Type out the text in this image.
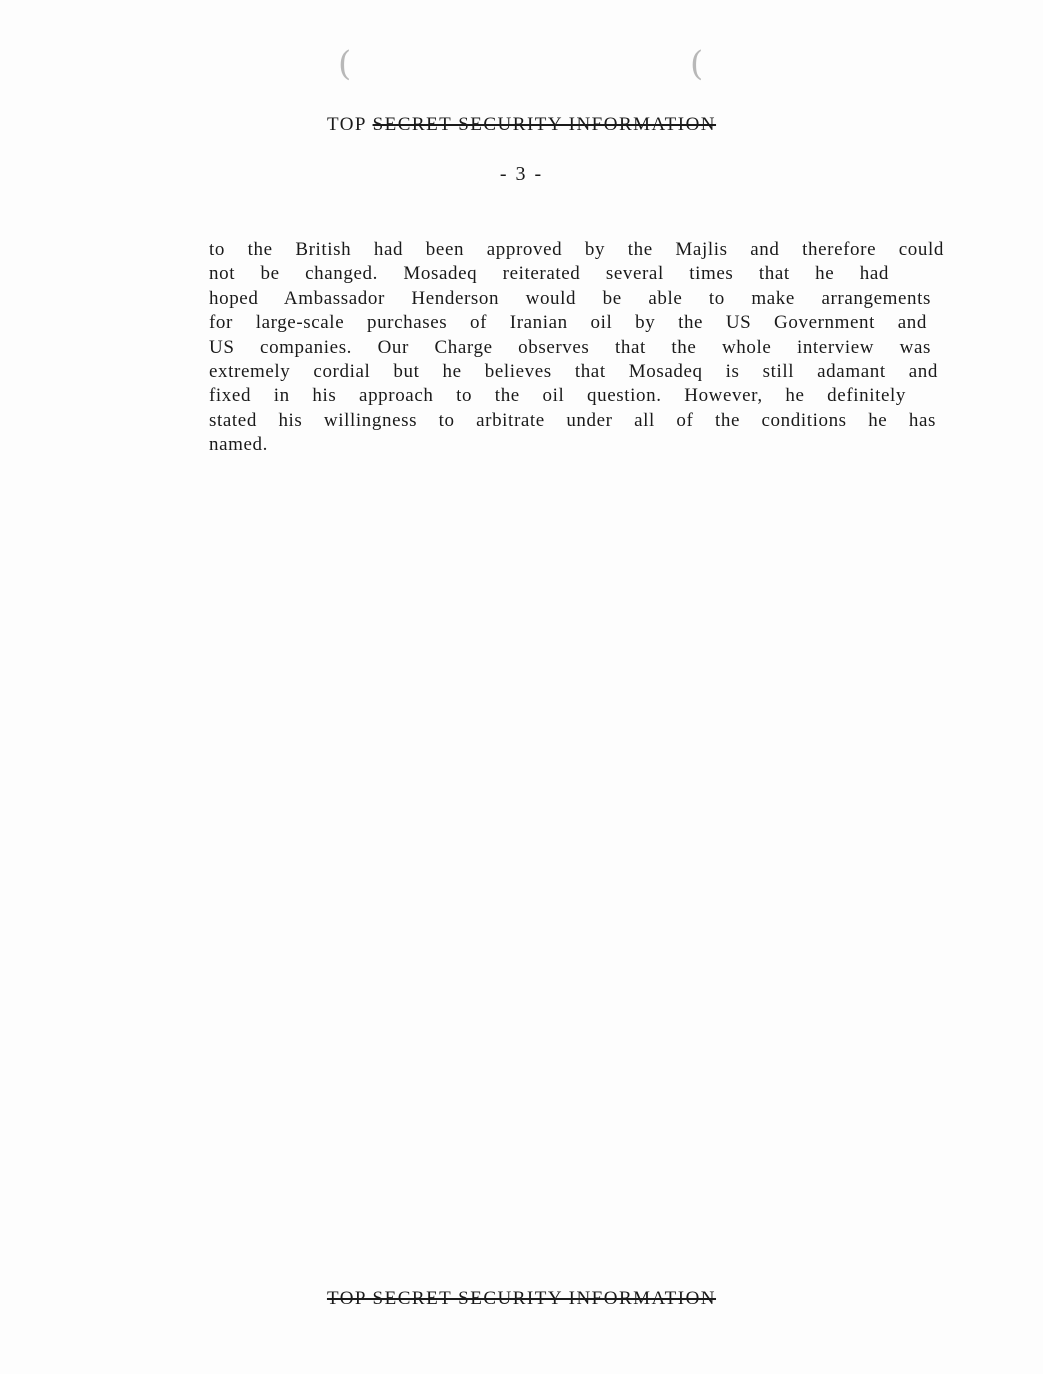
(	(
TOP SECRET SECURITY INFORMATION
- 3 -
to the British had been approved by the Majlis and therefore could
not be changed. Mosadeq reiterated several times that he had
hoped Ambassador Henderson would be able to make arrangements
for large-scale purchases of Iranian oil by the US Government and
US companies. Our Charge observes that the whole interview was
extremely cordial but he believes that Mosadeq is still adamant and
fixed in his approach to the oil question. However, he definitely
stated his willingness to arbitrate under all of the conditions he has
named.
TOP SECRET SECURITY INFORMATION
